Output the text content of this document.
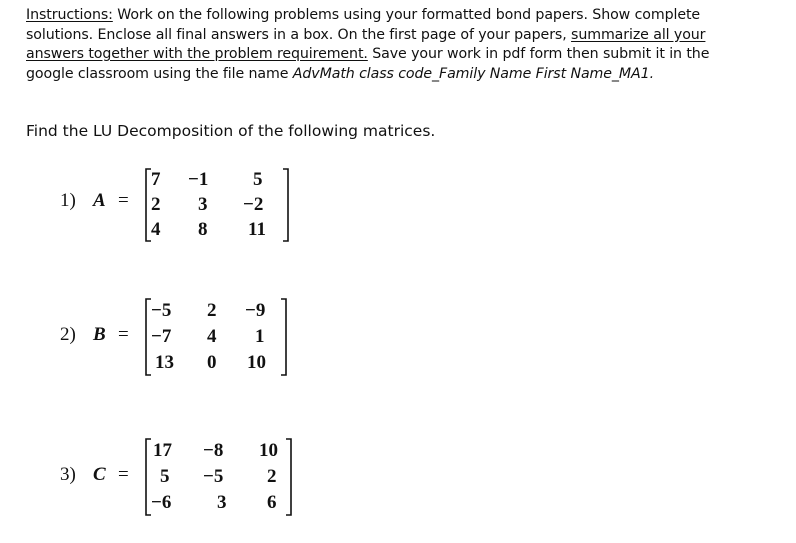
Instructions: Work on the following problems using your formatted bond papers. Show complete solutions. Enclose all final answers in a box. On the first page of your papers, summarize all your answers together with the problem requirement. Save your work in pdf form then submit it in the google classroom using the file name AdvMath class code_Family Name First Name_MA1.
Find the LU Decomposition of the following matrices.
1) A =
7 −1 5
2 3 −2
4 8 11
2) B =
−5 2 −9
−7 4 1
13 0 10
3) C =
17 −8 10
5 −5 2
−6 3 6
